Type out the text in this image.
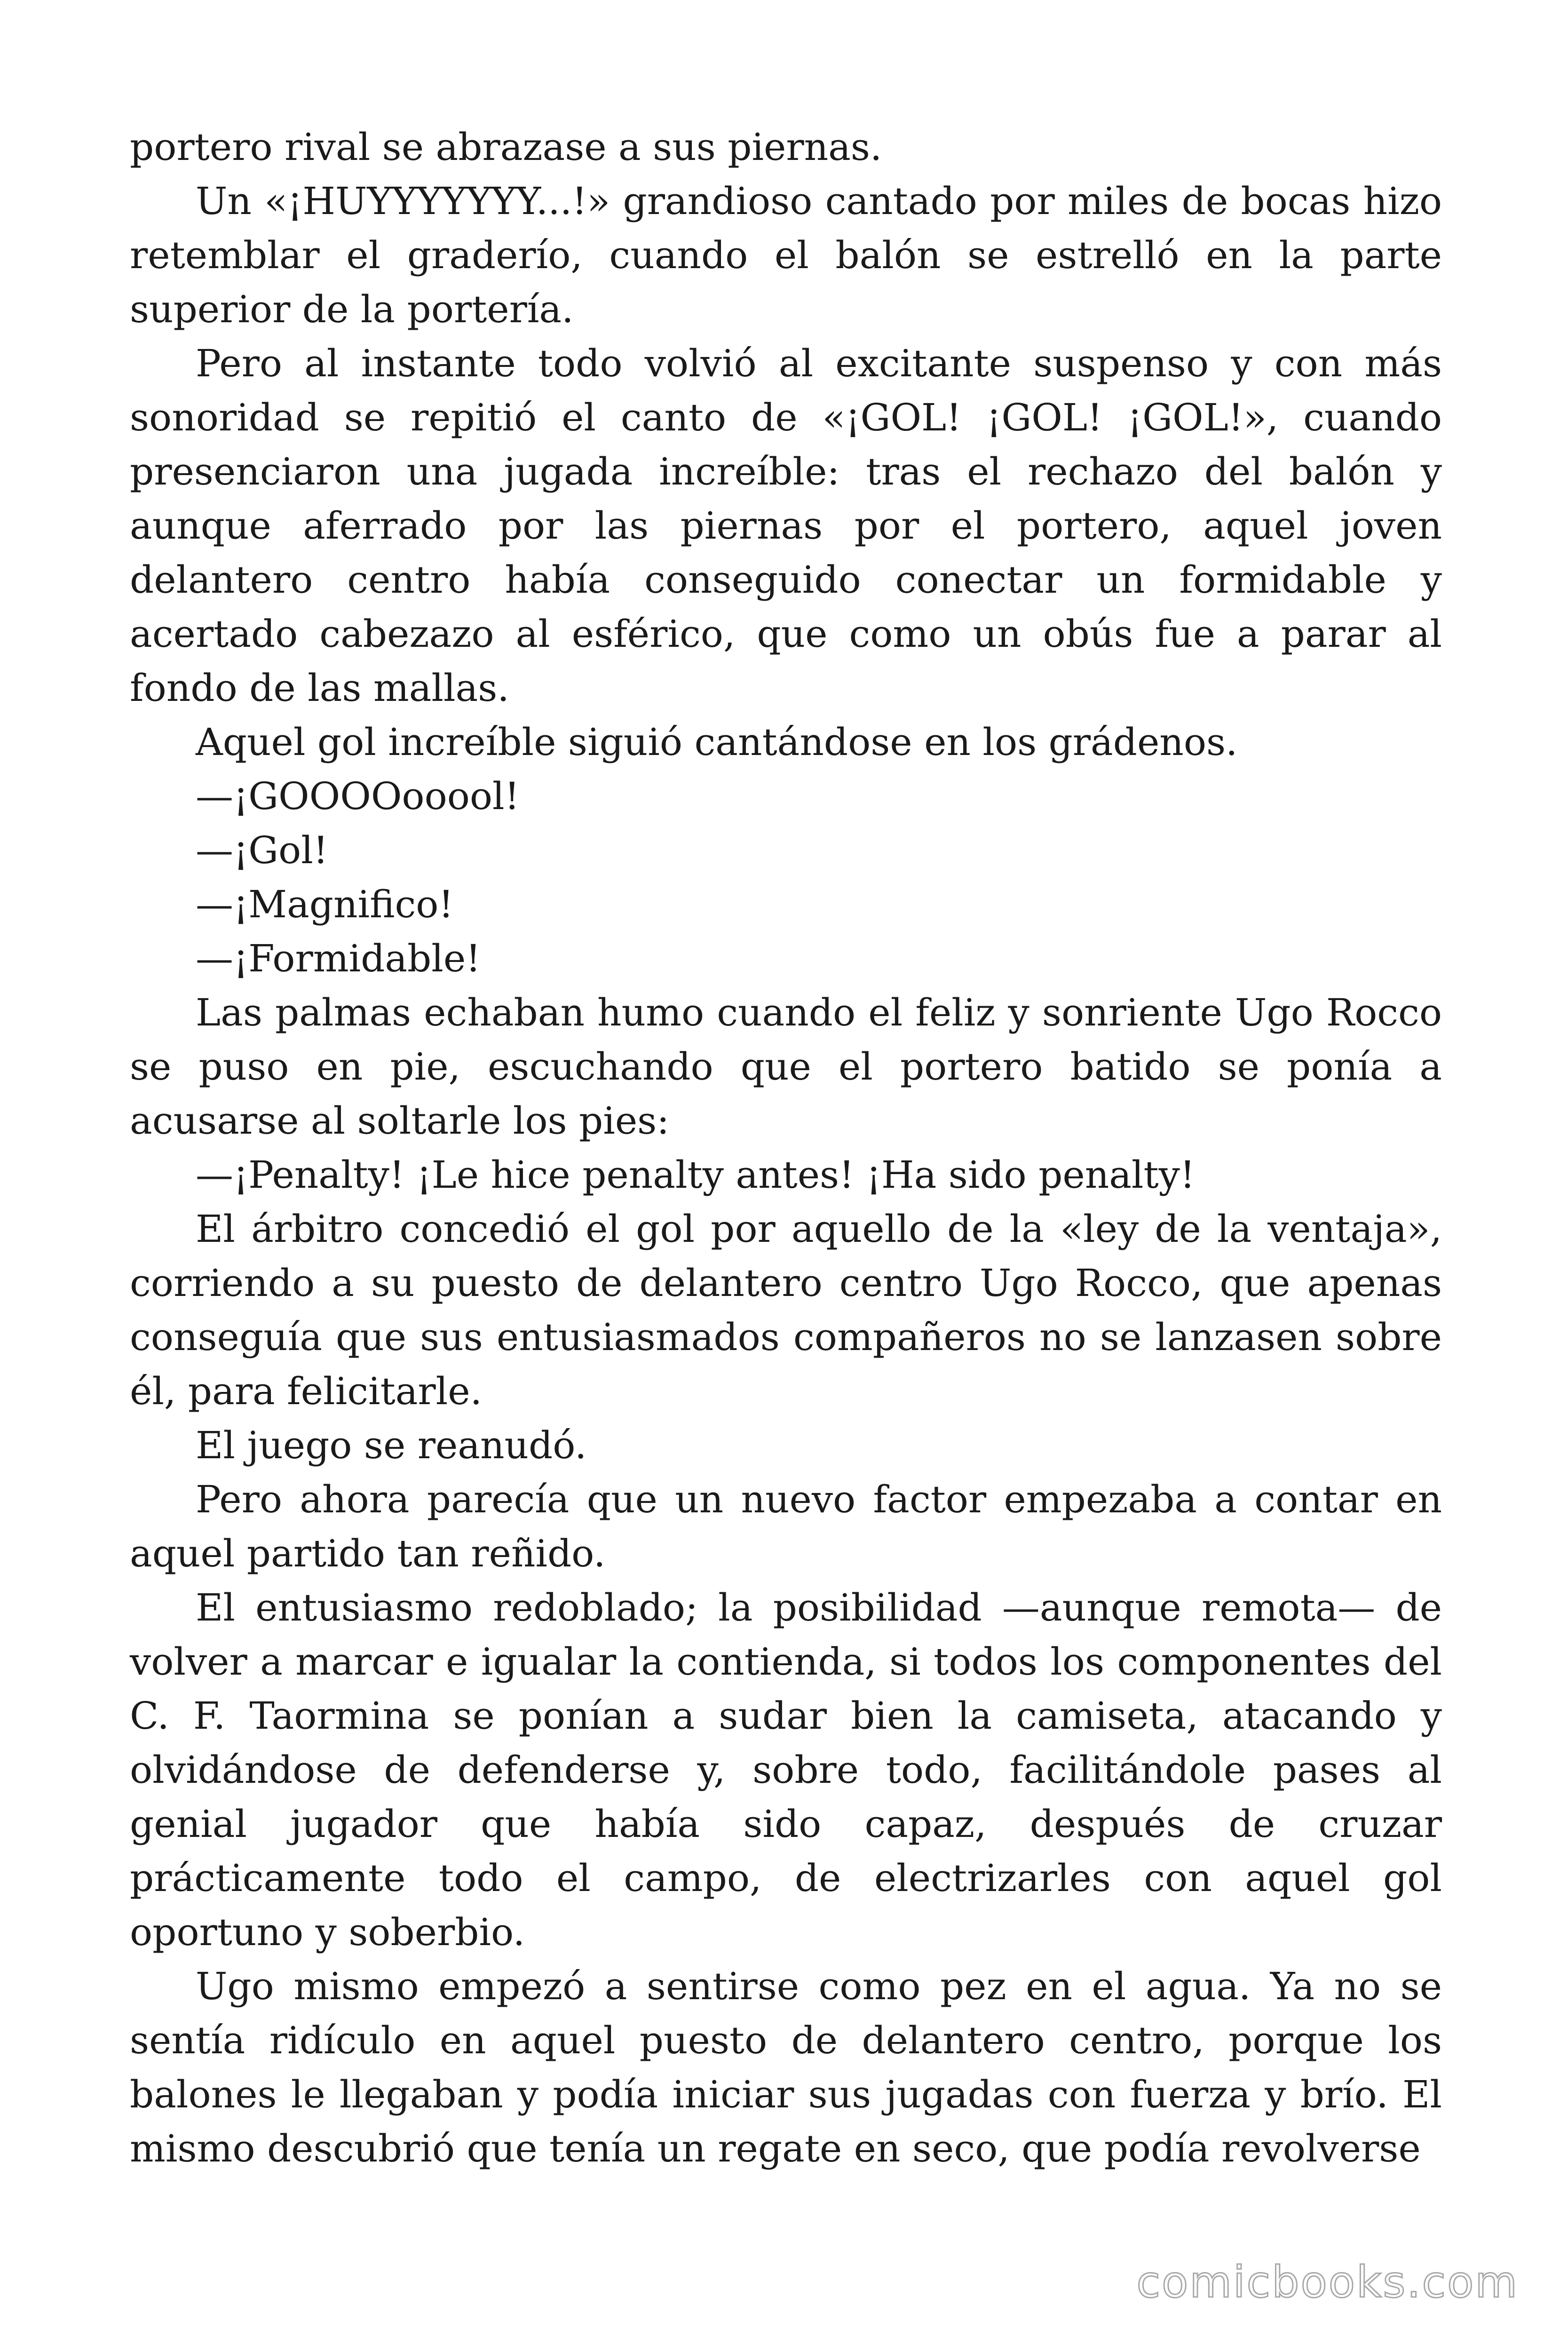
portero rival se abrazase a sus piernas.

Un «¡HUYYYYYYY...!» grandioso cantado por miles de bocas hizo retemblar el graderío, cuando el balón se estrelló en la parte superior de la portería.

Pero al instante todo volvió al excitante suspenso y con más sonoridad se repitió el canto de «¡GOL! ¡GOL! ¡GOL!», cuando presenciaron una jugada increíble: tras el rechazo del balón y aunque aferrado por las piernas por el portero, aquel joven delantero centro había conseguido conectar un formidable y acertado cabezazo al esférico, que como un obús fue a parar al fondo de las mallas.

Aquel gol increíble siguió cantándose en los grádenos.

—¡GOOOOooool!

—¡Gol!

—¡Magnifico!

—¡Formidable!

Las palmas echaban humo cuando el feliz y sonriente Ugo Rocco se puso en pie, escuchando que el portero batido se ponía a acusarse al soltarle los pies:

—¡Penalty! ¡Le hice penalty antes! ¡Ha sido penalty!

El árbitro concedió el gol por aquello de la «ley de la ventaja», corriendo a su puesto de delantero centro Ugo Rocco, que apenas conseguía que sus entusiasmados compañeros no se lanzasen sobre él, para felicitarle.

El juego se reanudó.

Pero ahora parecía que un nuevo factor empezaba a contar en aquel partido tan reñido.

El entusiasmo redoblado; la posibilidad —aunque remota— de volver a marcar e igualar la contienda, si todos los componentes del C. F. Taormina se ponían a sudar bien la camiseta, atacando y olvidándose de defenderse y, sobre todo, facilitándole pases al genial jugador que había sido capaz, después de cruzar prácticamente todo el campo, de electrizarles con aquel gol oportuno y soberbio.

Ugo mismo empezó a sentirse como pez en el agua. Ya no se sentía ridículo en aquel puesto de delantero centro, porque los balones le llegaban y podía iniciar sus jugadas con fuerza y brío. El mismo descubrió que tenía un regate en seco, que podía revolverse

comicbooks.com
